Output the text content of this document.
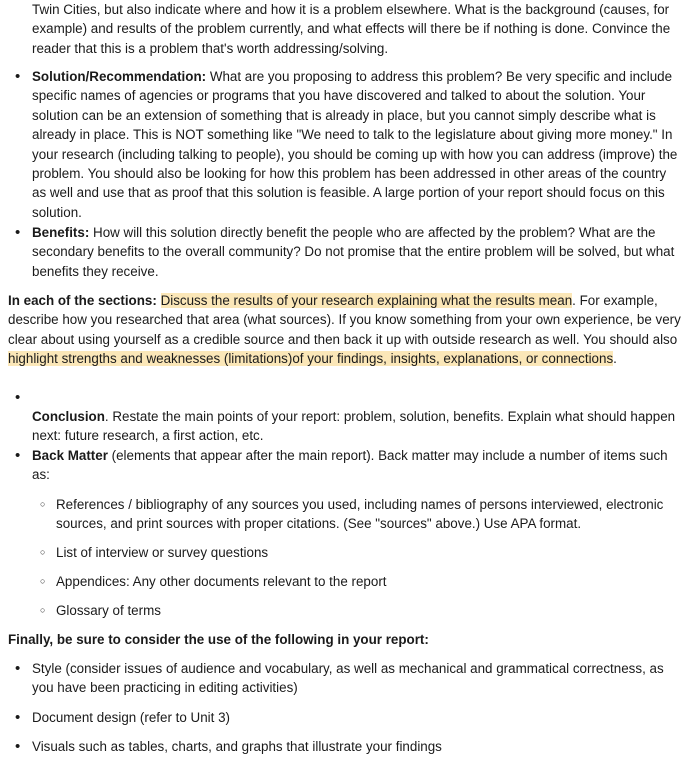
Twin Cities, but also indicate where and how it is a problem elsewhere. What is the background (causes, for
example) and results of the problem currently, and what effects will there be if nothing is done. Convince the
reader that this is a problem that's worth addressing/solving.
• Solution/Recommendation: What are you proposing to address this problem? Be very specific and include specific names of agencies or programs that you have discovered and talked to about the solution. Your solution can be an extension of something that is already in place, but you cannot simply describe what is already in place. This is NOT something like "We need to talk to the legislature about giving more money." In your research (including talking to people), you should be coming up with how you can address (improve) the problem. You should also be looking for how this problem has been addressed in other areas of the country as well and use that as proof that this solution is feasible. A large portion of your report should focus on this solution.
• Benefits: How will this solution directly benefit the people who are affected by the problem? What are the secondary benefits to the overall community? Do not promise that the entire problem will be solved, but what benefits they receive.
In each of the sections: Discuss the results of your research explaining what the results mean. For example, describe how you researched that area (what sources). If you know something from your own experience, be very clear about using yourself as a credible source and then back it up with outside research as well. You should also highlight strengths and weaknesses (limitations)of your findings, insights, explanations, or connections.
•
Conclusion. Restate the main points of your report: problem, solution, benefits. Explain what should happen next: future research, a first action, etc.
• Back Matter (elements that appear after the main report). Back matter may include a number of items such as:
○ References / bibliography of any sources you used, including names of persons interviewed, electronic sources, and print sources with proper citations. (See "sources" above.) Use APA format.
○ List of interview or survey questions
○ Appendices: Any other documents relevant to the report
○ Glossary of terms
Finally, be sure to consider the use of the following in your report:
• Style (consider issues of audience and vocabulary, as well as mechanical and grammatical correctness, as you have been practicing in editing activities)
• Document design (refer to Unit 3)
• Visuals such as tables, charts, and graphs that illustrate your findings
